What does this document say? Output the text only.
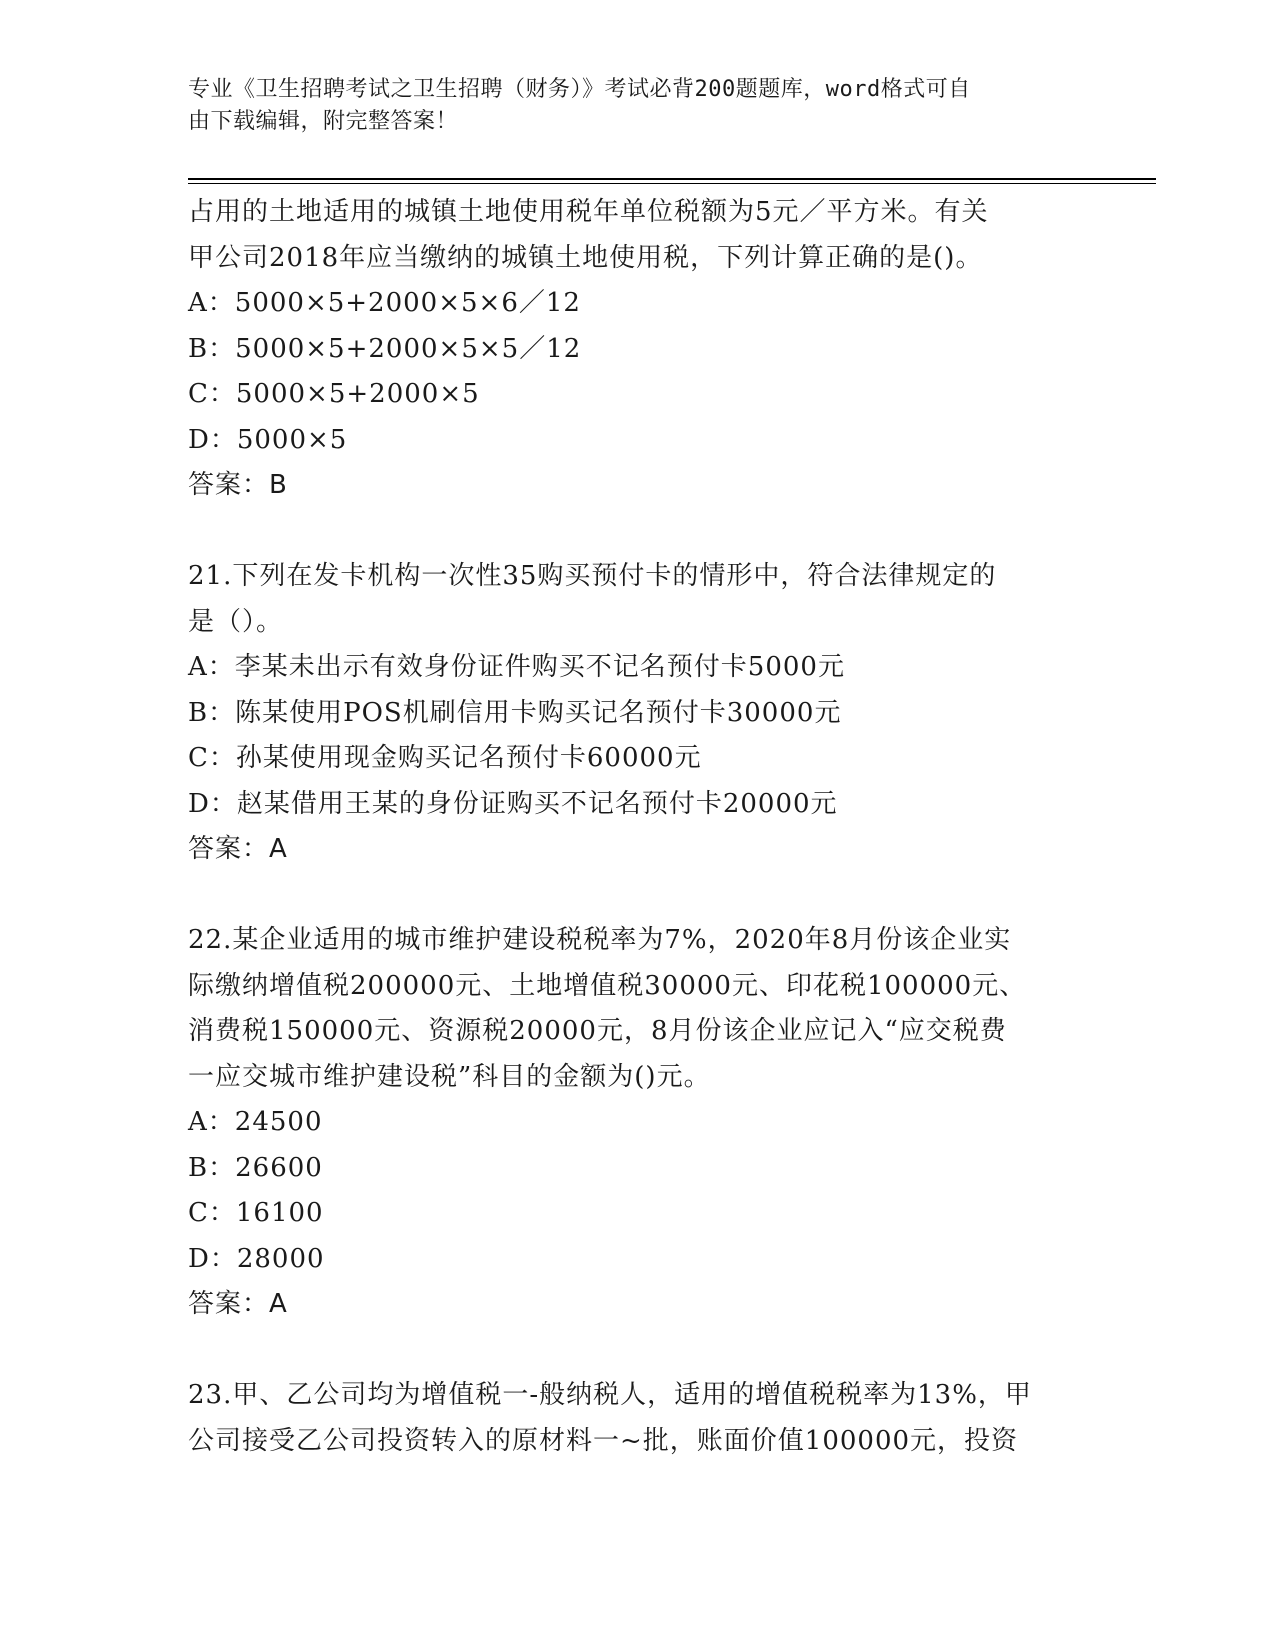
专业《卫生招聘考试之卫生招聘（财务）》考试必背200题题库，word格式可自
由下载编辑，附完整答案！
占用的土地适用的城镇土地使用税年单位税额为5元／平方米。有关
甲公司2018年应当缴纳的城镇土地使用税，下列计算正确的是()。
A：5000×5+2000×5×6／12
B：5000×5+2000×5×5／12
C：5000×5+2000×5
D：5000×5
答案：B
21.下列在发卡机构一次性35购买预付卡的情形中，符合法律规定的
是（）。
A：李某未出示有效身份证件购买不记名预付卡5000元
B：陈某使用POS机刷信用卡购买记名预付卡30000元
C：孙某使用现金购买记名预付卡60000元
D：赵某借用王某的身份证购买不记名预付卡20000元
答案：A
22.某企业适用的城市维护建设税税率为7%，2020年8月份该企业实
际缴纳增值税200000元、土地增值税30000元、印花税100000元、
消费税150000元、资源税20000元，8月份该企业应记入“应交税费
一应交城市维护建设税”科目的金额为()元。
A：24500
B：26600
C：16100
D：28000
答案：A
23.甲、乙公司均为增值税一-般纳税人，适用的增值税税率为13%，甲
公司接受乙公司投资转入的原材料一~批，账面价值100000元，投资
